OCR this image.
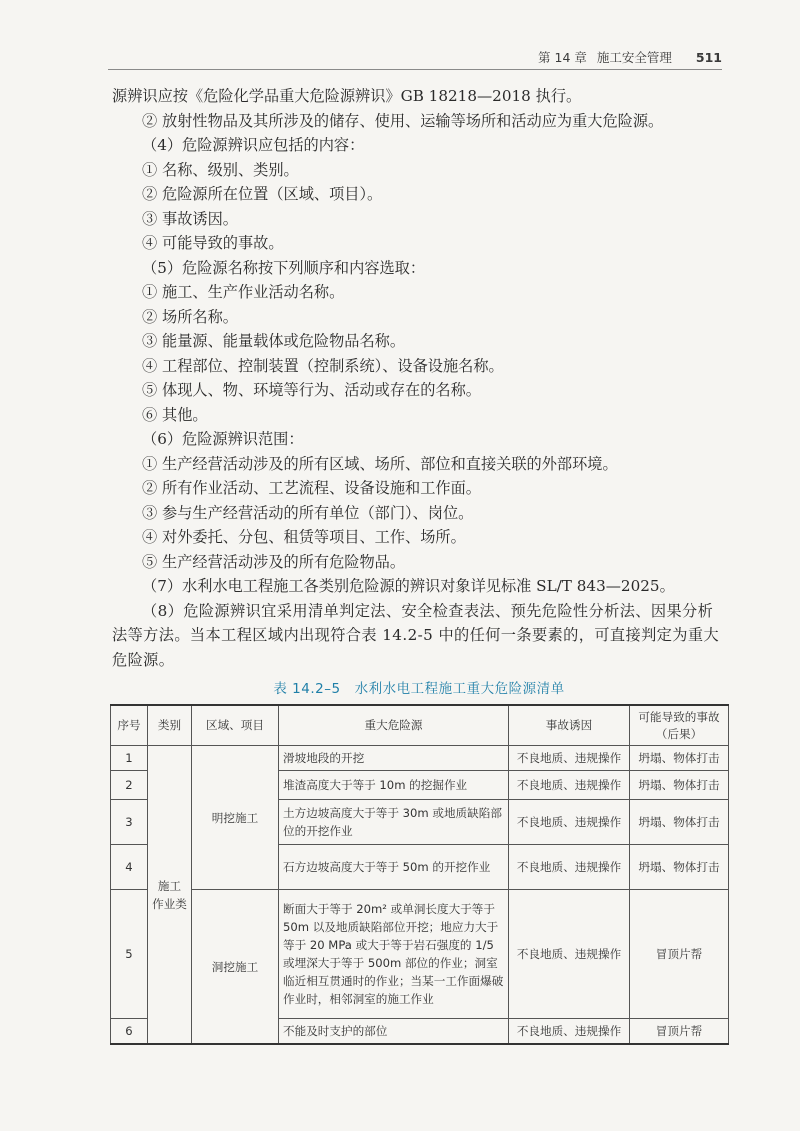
第 14 章 施工安全管理 511

源辨识应按《危险化学品重大危险源辨识》GB 18218—2018 执行。

② 放射性物品及其所涉及的储存、使用、运输等场所和活动应为重大危险源。

（4）危险源辨识应包括的内容：

① 名称、级别、类别。

② 危险源所在位置（区域、项目）。

③ 事故诱因。

④ 可能导致的事故。

（5）危险源名称按下列顺序和内容选取：

① 施工、生产作业活动名称。

② 场所名称。

③ 能量源、能量载体或危险物品名称。

④ 工程部位、控制装置（控制系统）、设备设施名称。

⑤ 体现人、物、环境等行为、活动或存在的名称。

⑥ 其他。

（6）危险源辨识范围：

① 生产经营活动涉及的所有区域、场所、部位和直接关联的外部环境。

② 所有作业活动、工艺流程、设备设施和工作面。

③ 参与生产经营活动的所有单位（部门）、岗位。

④ 对外委托、分包、租赁等项目、工作、场所。

⑤ 生产经营活动涉及的所有危险物品。

（7）水利水电工程施工各类别危险源的辨识对象详见标准 SL/T 843—2025。

（8）危险源辨识宜采用清单判定法、安全检查表法、预先危险性分析法、因果分析法等方法。当本工程区域内出现符合表 14.2-5 中的任何一条要素的，可直接判定为重大危险源。

表 14.2–5　水利水电工程施工重大危险源清单
序号	类别	区域、项目	重大危险源	事故诱因	可能导致的事故
（后果）

1	施工
作业类	明挖施工	滑坡地段的开挖	不良地质、违规操作	坍塌、物体打击
2			堆渣高度大于等于 10m 的挖掘作业	不良地质、违规操作	坍塌、物体打击
3			土方边坡高度大于等于 30m 或地质缺陷部位的开挖作业	不良地质、违规操作	坍塌、物体打击
4			石方边坡高度大于等于 50m 的开挖作业	不良地质、违规操作	坍塌、物体打击
5		洞挖施工	断面大于等于 20m² 或单洞长度大于等于 50m 以及地质缺陷部位开挖；地应力大于等于 20 MPa 或大于等于岩石强度的 1/5 或埋深大于等于 500m 部位的作业；洞室临近相互贯通时的作业；当某一工作面爆破作业时，相邻洞室的施工作业	不良地质、违规操作	冒顶片帮
6			不能及时支护的部位	不良地质、违规操作	冒顶片帮
